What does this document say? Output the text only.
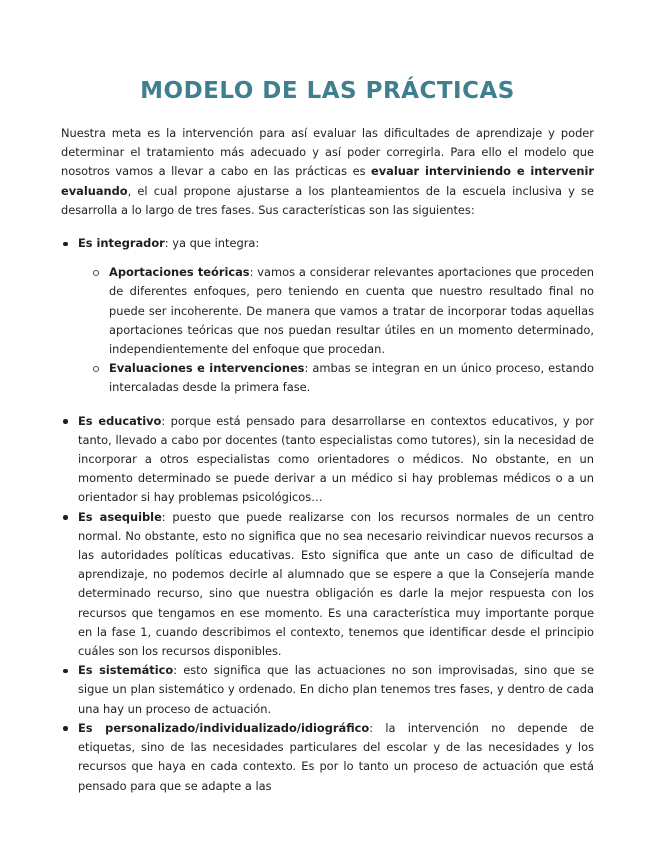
MODELO DE LAS PRÁCTICAS

Nuestra meta es la intervención para así evaluar las dificultades de aprendizaje y poder determinar el tratamiento más adecuado y así poder corregirla. Para ello el modelo que nosotros vamos a llevar a cabo en las prácticas es evaluar interviniendo e intervenir evaluando, el cual propone ajustarse a los planteamientos de la escuela inclusiva y se desarrolla a lo largo de tres fases. Sus características son las siguientes:

Es integrador: ya que integra:
Aportaciones teóricas: vamos a considerar relevantes aportaciones que proceden de diferentes enfoques, pero teniendo en cuenta que nuestro resultado final no puede ser incoherente. De manera que vamos a tratar de incorporar todas aquellas aportaciones teóricas que nos puedan resultar útiles en un momento determinado, independientemente del enfoque que procedan.
Evaluaciones e intervenciones: ambas se integran en un único proceso, estando intercaladas desde la primera fase.
Es educativo: porque está pensado para desarrollarse en contextos educativos, y por tanto, llevado a cabo por docentes (tanto especialistas como tutores), sin la necesidad de incorporar a otros especialistas como orientadores o médicos. No obstante, en un momento determinado se puede derivar a un médico si hay problemas médicos o a un orientador si hay problemas psicológicos…
Es asequible: puesto que puede realizarse con los recursos normales de un centro normal. No obstante, esto no significa que no sea necesario reivindicar nuevos recursos a las autoridades políticas educativas. Esto significa que ante un caso de dificultad de aprendizaje, no podemos decirle al alumnado que se espere a que la Consejería mande determinado recurso, sino que nuestra obligación es darle la mejor respuesta con los recursos que tengamos en ese momento. Es una característica muy importante porque en la fase 1, cuando describimos el contexto, tenemos que identificar desde el principio cuáles son los recursos disponibles.
Es sistemático: esto significa que las actuaciones no son improvisadas, sino que se sigue un plan sistemático y ordenado. En dicho plan tenemos tres fases, y dentro de cada una hay un proceso de actuación.
Es personalizado/individualizado/idiográfico: la intervención no depende de etiquetas, sino de las necesidades particulares del escolar y de las necesidades y los recursos que haya en cada contexto. Es por lo tanto un proceso de actuación que está pensado para que se adapte a las
